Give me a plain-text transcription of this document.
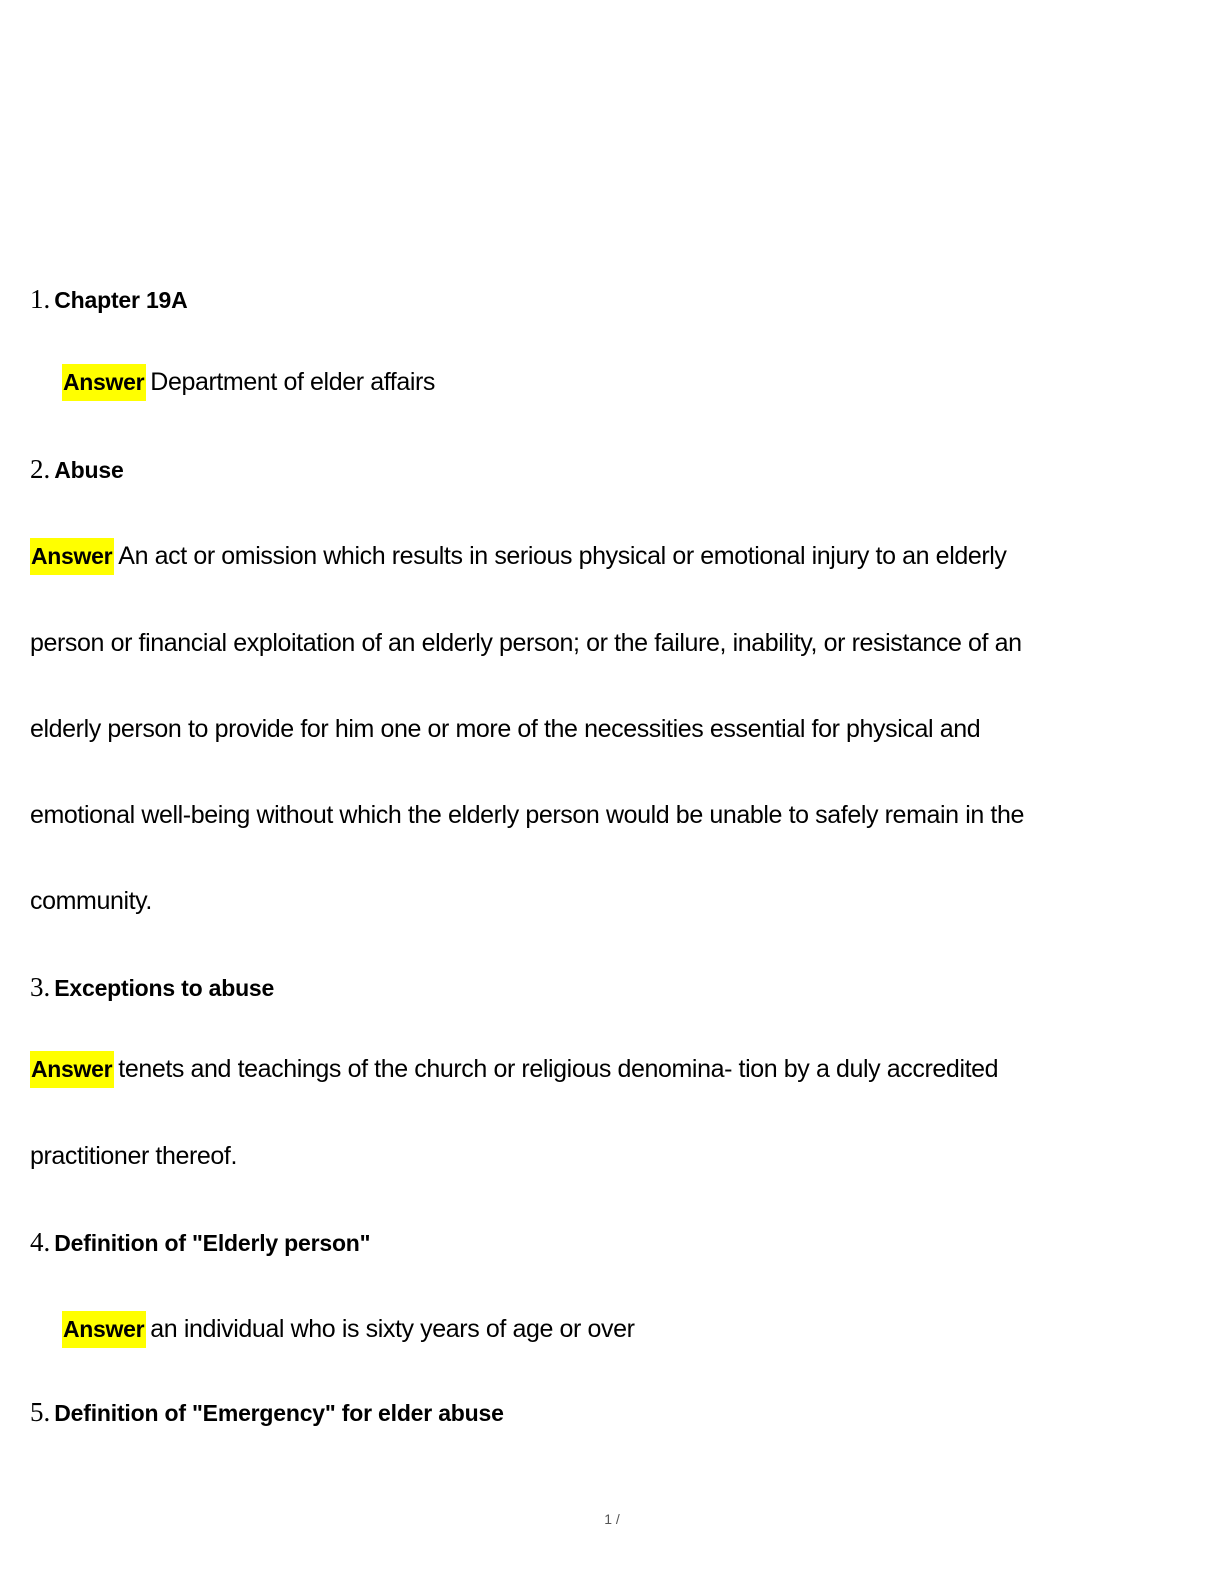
1. Chapter 19A
Answer Department of elder affairs
2. Abuse
Answer An act or omission which results in serious physical or emotional injury to an elderly
person or financial exploitation of an elderly person; or the failure, inability, or resistance of an
elderly person to provide for him one or more of the necessities essential for physical and
emotional well-being without which the elderly person would be unable to safely remain in the
community.
3. Exceptions to abuse
Answer tenets and teachings of the church or religious denomina- tion by a duly accredited
practitioner thereof.
4. Definition of "Elderly person"
Answer an individual who is sixty years of age or over
5. Definition of "Emergency" for elder abuse
1 /
